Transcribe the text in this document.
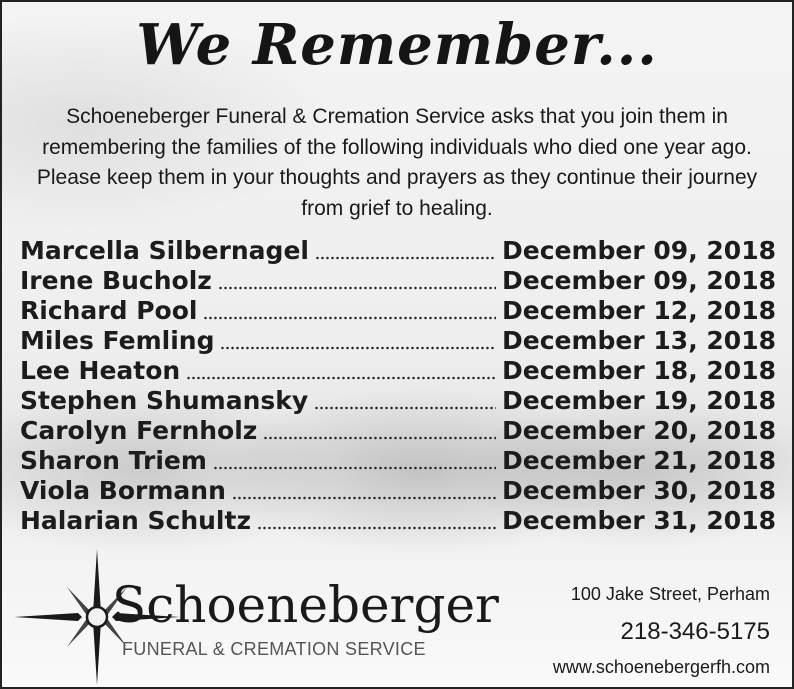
We Remember...
Schoeneberger Funeral & Cremation Service asks that you join them in remembering the families of the following individuals who died one year ago. Please keep them in your thoughts and prayers as they continue their journey from grief to healing.
Marcella Silbernagel	December 09, 2018
Irene Bucholz	December 09, 2018
Richard Pool	December 12, 2018
Miles Femling	December 13, 2018
Lee Heaton	December 18, 2018
Stephen Shumansky	December 19, 2018
Carolyn Fernholz	December 20, 2018
Sharon Triem	December 21, 2018
Viola Bormann	December 30, 2018
Halarian Schultz	December 31, 2018
Schoeneberger
FUNERAL & CREMATION SERVICE
100 Jake Street, Perham
218-346-5175
www.schoenebergerfh.com
